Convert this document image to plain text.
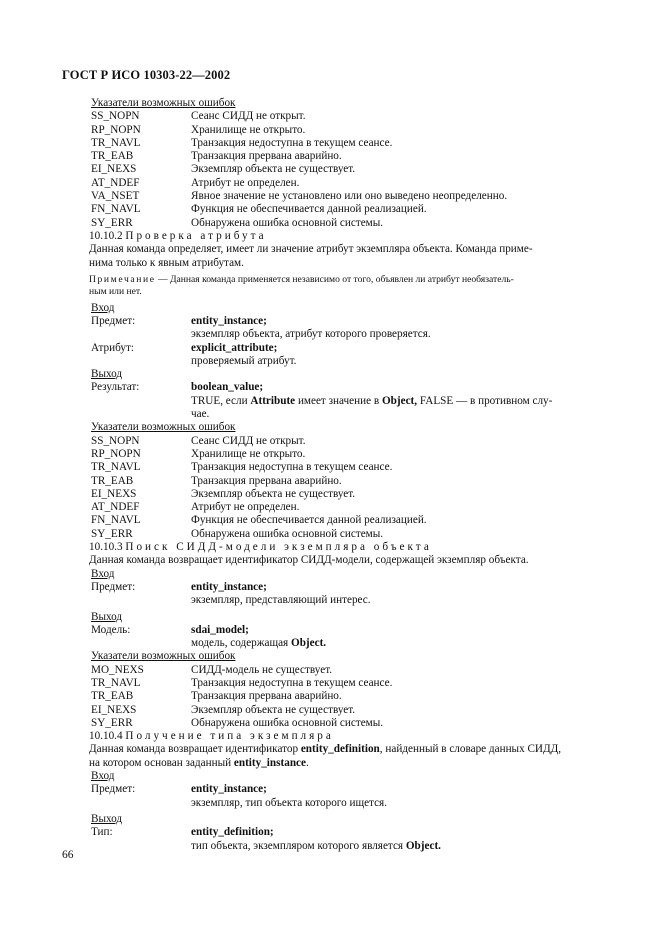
ГОСТ Р ИСО 10303-22—2002
Указатели возможных ошибок
SS_NOPN	Сеанс СИДД не открыт.
RP_NOPN	Хранилище не открыто.
TR_NAVL	Транзакция недоступна в текущем сеансе.
TR_EAB	Транзакция прервана аварийно.
EI_NEXS	Экземпляр объекта не существует.
AT_NDEF	Атрибут не определен.
VA_NSET	Явное значение не установлено или оно выведено неопределенно.
FN_NAVL	Функция не обеспечивается данной реализацией.
SY_ERR	Обнаружена ошибка основной системы.
10.10.2 Проверка атрибута
Данная команда определяет, имеет ли значение атрибут экземпляра объекта. Команда приме-
нима только к явным атрибутам.
Примечание — Данная команда применяется независимо от того, объявлен ли атрибут необязатель-
ным или нет.
Вход
Предмет:	entity_instance;
экземпляр объекта, атрибут которого проверяется.
Атрибут:	explicit_attribute;
проверяемый атрибут.
Выход
Результат:	boolean_value;
TRUE, если Attribute имеет значение в Object, FALSE — в противном слу-
чае.
Указатели возможных ошибок
SS_NOPN	Сеанс СИДД не открыт.
RP_NOPN	Хранилище не открыто.
TR_NAVL	Транзакция недоступна в текущем сеансе.
TR_EAB	Транзакция прервана аварийно.
EI_NEXS	Экземпляр объекта не существует.
AT_NDEF	Атрибут не определен.
FN_NAVL	Функция не обеспечивается данной реализацией.
SY_ERR	Обнаружена ошибка основной системы.
10.10.3 Поиск СИДД-модели экземпляра объекта
Данная команда возвращает идентификатор СИДД-модели, содержащей экземпляр объекта.
Вход
Предмет:	entity_instance;
экземпляр, представляющий интерес.
Выход
Модель:	sdai_model;
модель, содержащая Object.
Указатели возможных ошибок
MO_NEXS	СИДД-модель не существует.
TR_NAVL	Транзакция недоступна в текущем сеансе.
TR_EAB	Транзакция прервана аварийно.
EI_NEXS	Экземпляр объекта не существует.
SY_ERR	Обнаружена ошибка основной системы.
10.10.4 Получение типа экземпляра
Данная команда возвращает идентификатор entity_definition, найденный в словаре данных СИДД,
на котором основан заданный entity_instance.
Вход
Предмет:	entity_instance;
экземпляр, тип объекта которого ищется.
Выход
Тип:	entity_definition;
тип объекта, экземпляром которого является Object.
66
